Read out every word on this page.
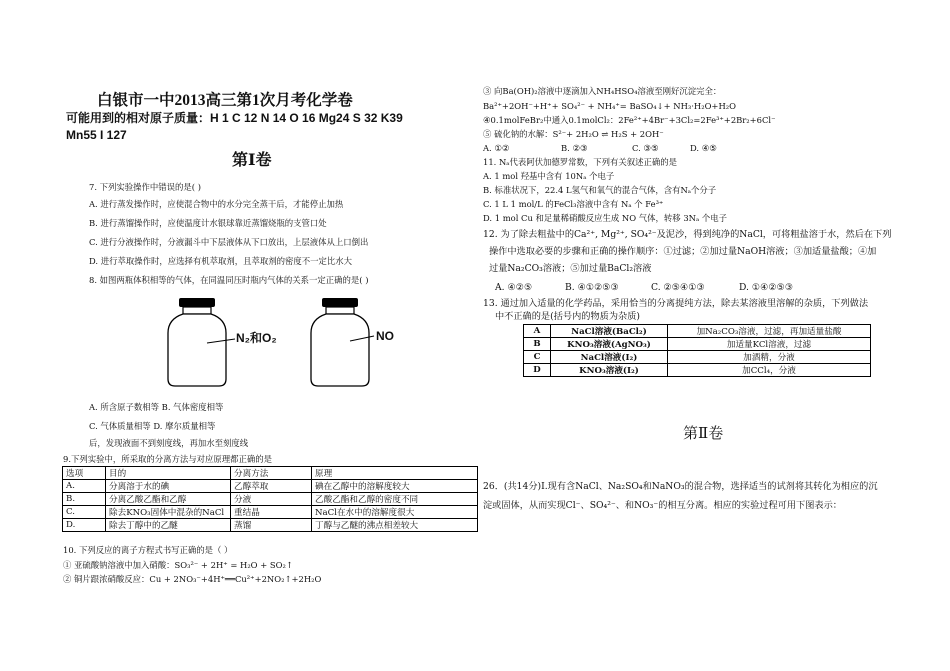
白银市一中2013高三第1次月考化学卷
可能用到的相对原子质量：H 1 C 12 N 14 O 16 Mg24 S 32 K39
Mn55 I 127
第Ⅰ卷
7. 下列实验操作中错误的是( )
A. 进行蒸发操作时，应使混合物中的水分完全蒸干后，才能停止加热
B. 进行蒸馏操作时，应使温度计水银球靠近蒸馏烧瓶的支管口处
C. 进行分液操作时，分液漏斗中下层液体从下口放出，上层液体从上口倒出
D. 进行萃取操作时，应选择有机萃取剂，且萃取剂的密度不一定比水大
8. 如图两瓶体积相等的气体，在同温同压时瓶内气体的关系一定正确的是( )
N₂和O₂	NO
A. 所含原子数相等 B. 气体密度相等
C. 气体质量相等 D. 摩尔质量相等
后，发现液面不到刻度线，再加水至刻度线
9.下列实验中，所采取的分离方法与对应原理都正确的是
选项	目的	分离方法	原理
A.	分离溶于水的碘	乙醇萃取	碘在乙醇中的溶解度较大
B.	分离乙酸乙酯和乙醇	分液	乙酸乙酯和乙醇的密度不同
C.	除去KNO₃固体中混杂的NaCl	重结晶	NaCl在水中的溶解度很大
D.	除去丁醇中的乙醚	蒸馏	丁醇与乙醚的沸点相差较大
10. 下列反应的离子方程式书写正确的是（ ）
① 亚硫酸钠溶液中加入硝酸：SO₃²⁻ + 2H⁺ = H₂O + SO₂↑
② 铜片跟浓硝酸反应：Cu + 2NO₃⁻+4H⁺══Cu²⁺+2NO₂↑+2H₂O
③ 向Ba(OH)₂溶液中逐滴加入NH₄HSO₄溶液至刚好沉淀完全：
Ba²⁺+2OH⁻+H⁺+ SO₄²⁻ + NH₄⁺= BaSO₄↓+ NH₃·H₂O+H₂O
④0.1molFeBr₂中通入0.1molCl₂：2Fe²⁺+4Br⁻+3Cl₂=2Fe³⁺+2Br₂+6Cl⁻
⑤ 硫化钠的水解：S²⁻+ 2H₂O ⇌ H₂S + 2OH⁻
A. ①②	B. ②③	C. ③⑤	D. ④⑤
11. Nₐ代表阿伏加德罗常数，下列有关叙述正确的是
A. 1 mol 羟基中含有 10Nₐ 个电子
B. 标准状况下，22.4 L氢气和氧气的混合气体，含有Nₐ个分子
C. 1 L 1 mol/L 的FeCl₃溶液中含有 Nₐ 个 Fe³⁺
D. 1 mol Cu 和足量稀硝酸反应生成 NO 气体，转移 3Nₐ 个电子
12. 为了除去粗盐中的Ca²⁺, Mg²⁺, SO₄²⁻及泥沙，得到纯净的NaCl，可将粗盐溶于水，然后在下列
操作中选取必要的步骤和正确的操作顺序：①过滤；②加过量NaOH溶液；③加适量盐酸；④加
过量Na₂CO₃溶液；⑤加过量BaCl₂溶液
A. ④②⑤	B. ④①②⑤③	C. ②⑤④①③	D. ①④②⑤③
13. 通过加入适量的化学药品，采用恰当的分离提纯方法，除去某溶液里溶解的杂质，下列做法
中不正确的是(括号内的物质为杂质)
A	NaCl溶液(BaCl₂)	加Na₂CO₃溶液，过滤，再加适量盐酸
B	KNO₃溶液(AgNO₃)	加适量KCl溶液，过滤
C	NaCl溶液(I₂)	加酒精，分液
D	KNO₃溶液(I₂)	加CCl₄，分液
第Ⅱ卷
26．(共14分)Ⅰ.现有含NaCl、Na₂SO₄和NaNO₃的混合物，选择适当的试剂将其转化为相应的沉
淀或固体，从而实现Cl⁻、SO₄²⁻、和NO₃⁻的相互分离。相应的实验过程可用下图表示：
